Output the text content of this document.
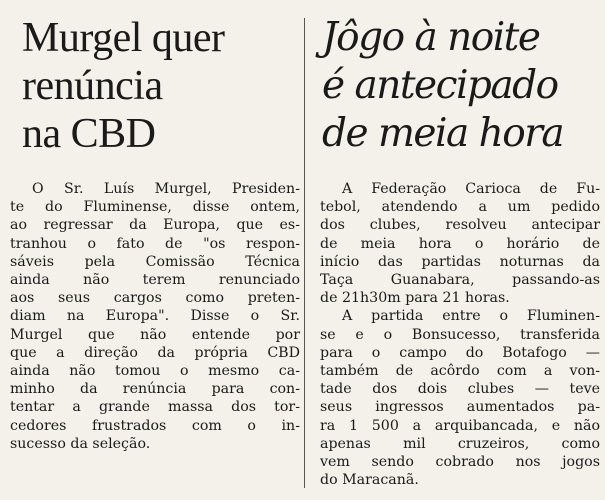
Murgel quer
renúncia
na CBD

O Sr. Luís Murgel, Presiden-
te do Fluminense, disse ontem,
ao regressar da Europa, que es-
tranhou o fato de "os respon-
sáveis pela Comissão Técnica
ainda não terem renunciado
aos seus cargos como preten-
diam na Europa". Disse o Sr.
Murgel que não entende por
que a direção da própria CBD
ainda não tomou o mesmo ca-
minho da renúncia para con-
tentar a grande massa dos tor-
cedores frustrados com o in-
sucesso da seleção.

Jôgo à noite
é antecipado
de meia hora

A Federação Carioca de Fu-
tebol, atendendo a um pedido
dos clubes, resolveu antecipar
de meia hora o horário de
início das partidas noturnas da
Taça Guanabara, passando-as
de 21h30m para 21 horas.

A partida entre o Fluminen-
se e o Bonsucesso, transferida
para o campo do Botafogo —
também de acôrdo com a von-
tade dos dois clubes — teve
seus ingressos aumentados pa-
ra 1 500 a arquibancada, e não
apenas mil cruzeiros, como
vem sendo cobrado nos jogos
do Maracanã.
